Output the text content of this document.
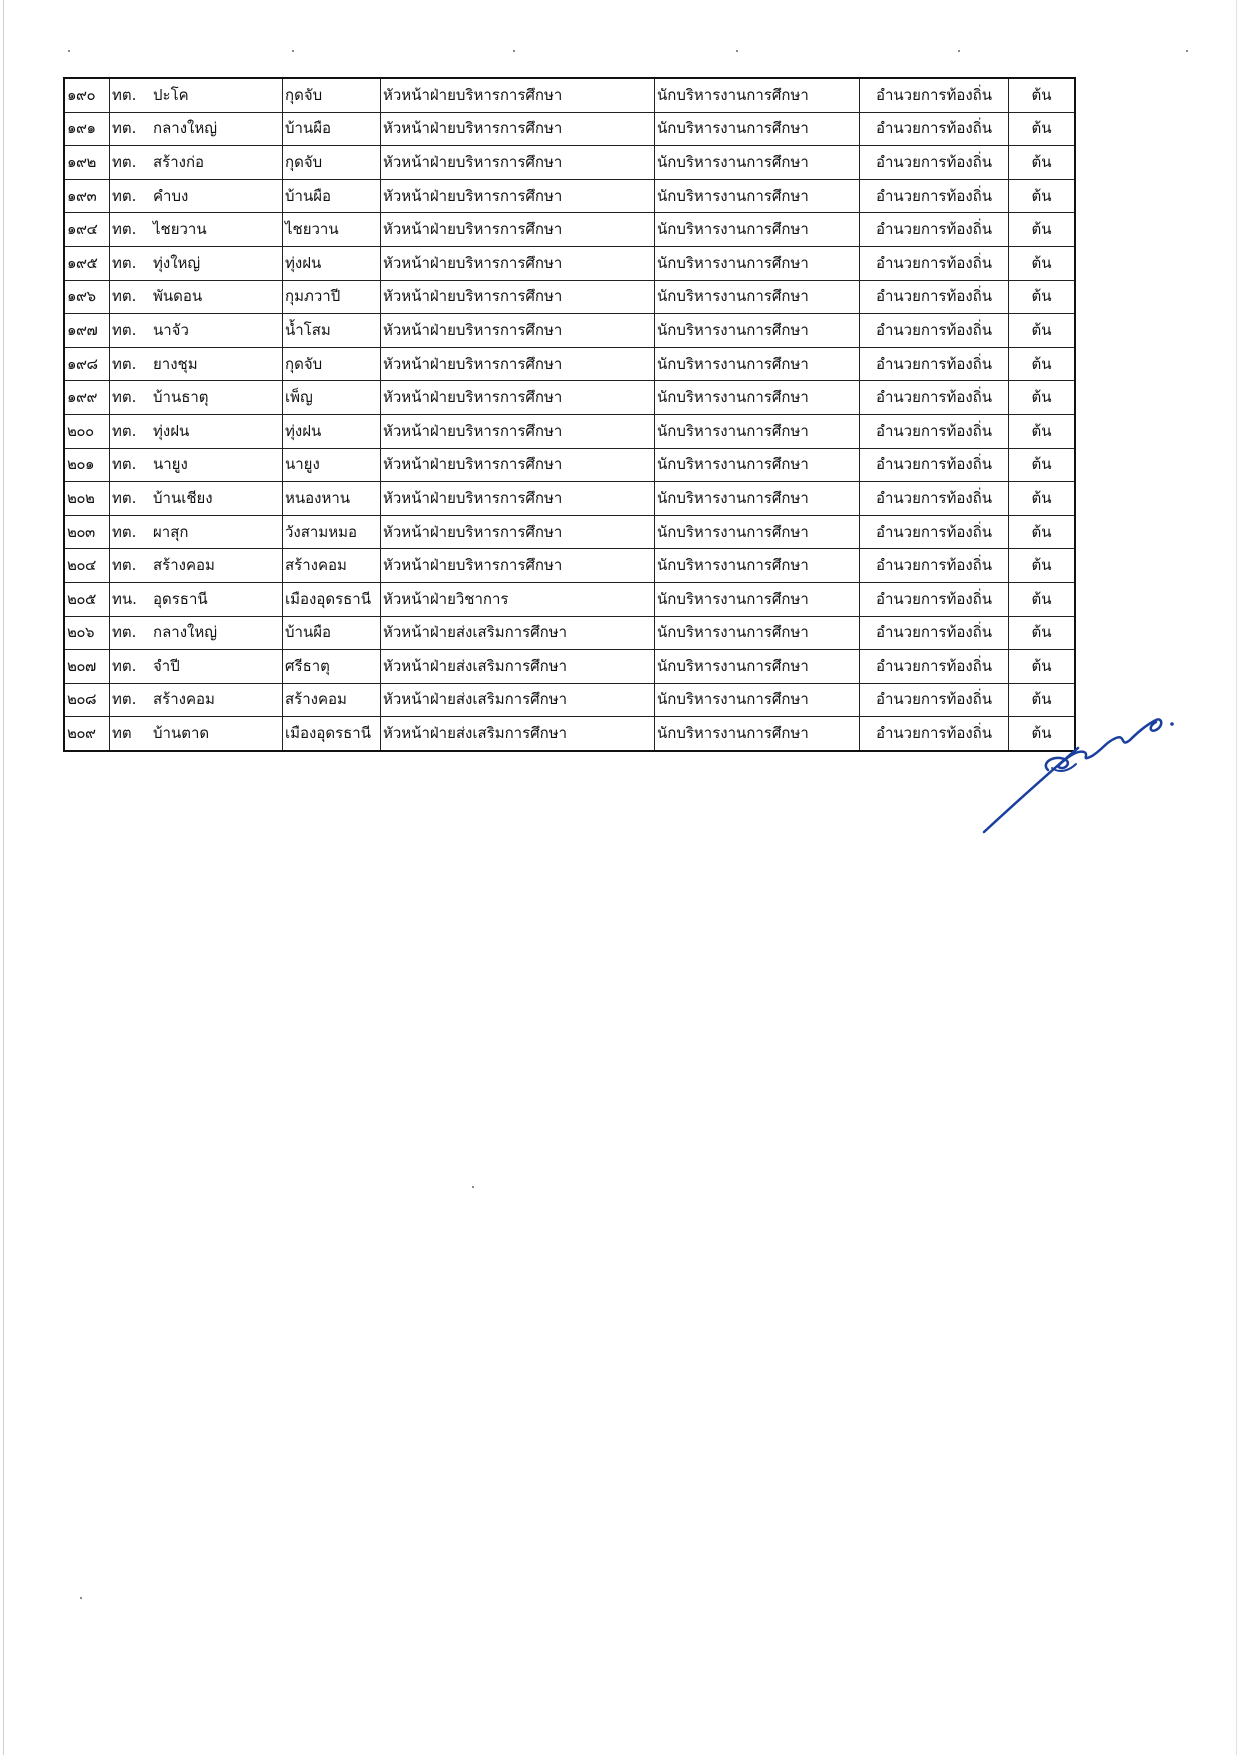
๑๙๐	ทต.	ปะโค	กุดจับ	หัวหน้าฝ่ายบริหารการศึกษา	นักบริหารงานการศึกษา	อำนวยการท้องถิ่น	ต้น
๑๙๑	ทต.	กลางใหญ่	บ้านผือ	หัวหน้าฝ่ายบริหารการศึกษา	นักบริหารงานการศึกษา	อำนวยการท้องถิ่น	ต้น
๑๙๒	ทต.	สร้างก่อ	กุดจับ	หัวหน้าฝ่ายบริหารการศึกษา	นักบริหารงานการศึกษา	อำนวยการท้องถิ่น	ต้น
๑๙๓	ทต.	คำบง	บ้านผือ	หัวหน้าฝ่ายบริหารการศึกษา	นักบริหารงานการศึกษา	อำนวยการท้องถิ่น	ต้น
๑๙๔	ทต.	ไชยวาน	ไชยวาน	หัวหน้าฝ่ายบริหารการศึกษา	นักบริหารงานการศึกษา	อำนวยการท้องถิ่น	ต้น
๑๙๕	ทต.	ทุ่งใหญ่	ทุ่งฝน	หัวหน้าฝ่ายบริหารการศึกษา	นักบริหารงานการศึกษา	อำนวยการท้องถิ่น	ต้น
๑๙๖	ทต.	พันดอน	กุมภวาปี	หัวหน้าฝ่ายบริหารการศึกษา	นักบริหารงานการศึกษา	อำนวยการท้องถิ่น	ต้น
๑๙๗	ทต.	นาจัว	น้ำโสม	หัวหน้าฝ่ายบริหารการศึกษา	นักบริหารงานการศึกษา	อำนวยการท้องถิ่น	ต้น
๑๙๘	ทต.	ยางชุม	กุดจับ	หัวหน้าฝ่ายบริหารการศึกษา	นักบริหารงานการศึกษา	อำนวยการท้องถิ่น	ต้น
๑๙๙	ทต.	บ้านธาตุ	เพ็ญ	หัวหน้าฝ่ายบริหารการศึกษา	นักบริหารงานการศึกษา	อำนวยการท้องถิ่น	ต้น
๒๐๐	ทต.	ทุ่งฝน	ทุ่งฝน	หัวหน้าฝ่ายบริหารการศึกษา	นักบริหารงานการศึกษา	อำนวยการท้องถิ่น	ต้น
๒๐๑	ทต.	นายูง	นายูง	หัวหน้าฝ่ายบริหารการศึกษา	นักบริหารงานการศึกษา	อำนวยการท้องถิ่น	ต้น
๒๐๒	ทต.	บ้านเชียง	หนองหาน	หัวหน้าฝ่ายบริหารการศึกษา	นักบริหารงานการศึกษา	อำนวยการท้องถิ่น	ต้น
๒๐๓	ทต.	ผาสุก	วังสามหมอ	หัวหน้าฝ่ายบริหารการศึกษา	นักบริหารงานการศึกษา	อำนวยการท้องถิ่น	ต้น
๒๐๔	ทต.	สร้างคอม	สร้างคอม	หัวหน้าฝ่ายบริหารการศึกษา	นักบริหารงานการศึกษา	อำนวยการท้องถิ่น	ต้น
๒๐๕	ทน.	อุดรธานี	เมืองอุดรธานี	หัวหน้าฝ่ายวิชาการ	นักบริหารงานการศึกษา	อำนวยการท้องถิ่น	ต้น
๒๐๖	ทต.	กลางใหญ่	บ้านผือ	หัวหน้าฝ่ายส่งเสริมการศึกษา	นักบริหารงานการศึกษา	อำนวยการท้องถิ่น	ต้น
๒๐๗	ทต.	จำปี	ศรีธาตุ	หัวหน้าฝ่ายส่งเสริมการศึกษา	นักบริหารงานการศึกษา	อำนวยการท้องถิ่น	ต้น
๒๐๘	ทต.	สร้างคอม	สร้างคอม	หัวหน้าฝ่ายส่งเสริมการศึกษา	นักบริหารงานการศึกษา	อำนวยการท้องถิ่น	ต้น
๒๐๙	ทต	บ้านตาด	เมืองอุดรธานี	หัวหน้าฝ่ายส่งเสริมการศึกษา	นักบริหารงานการศึกษา	อำนวยการท้องถิ่น	ต้น
